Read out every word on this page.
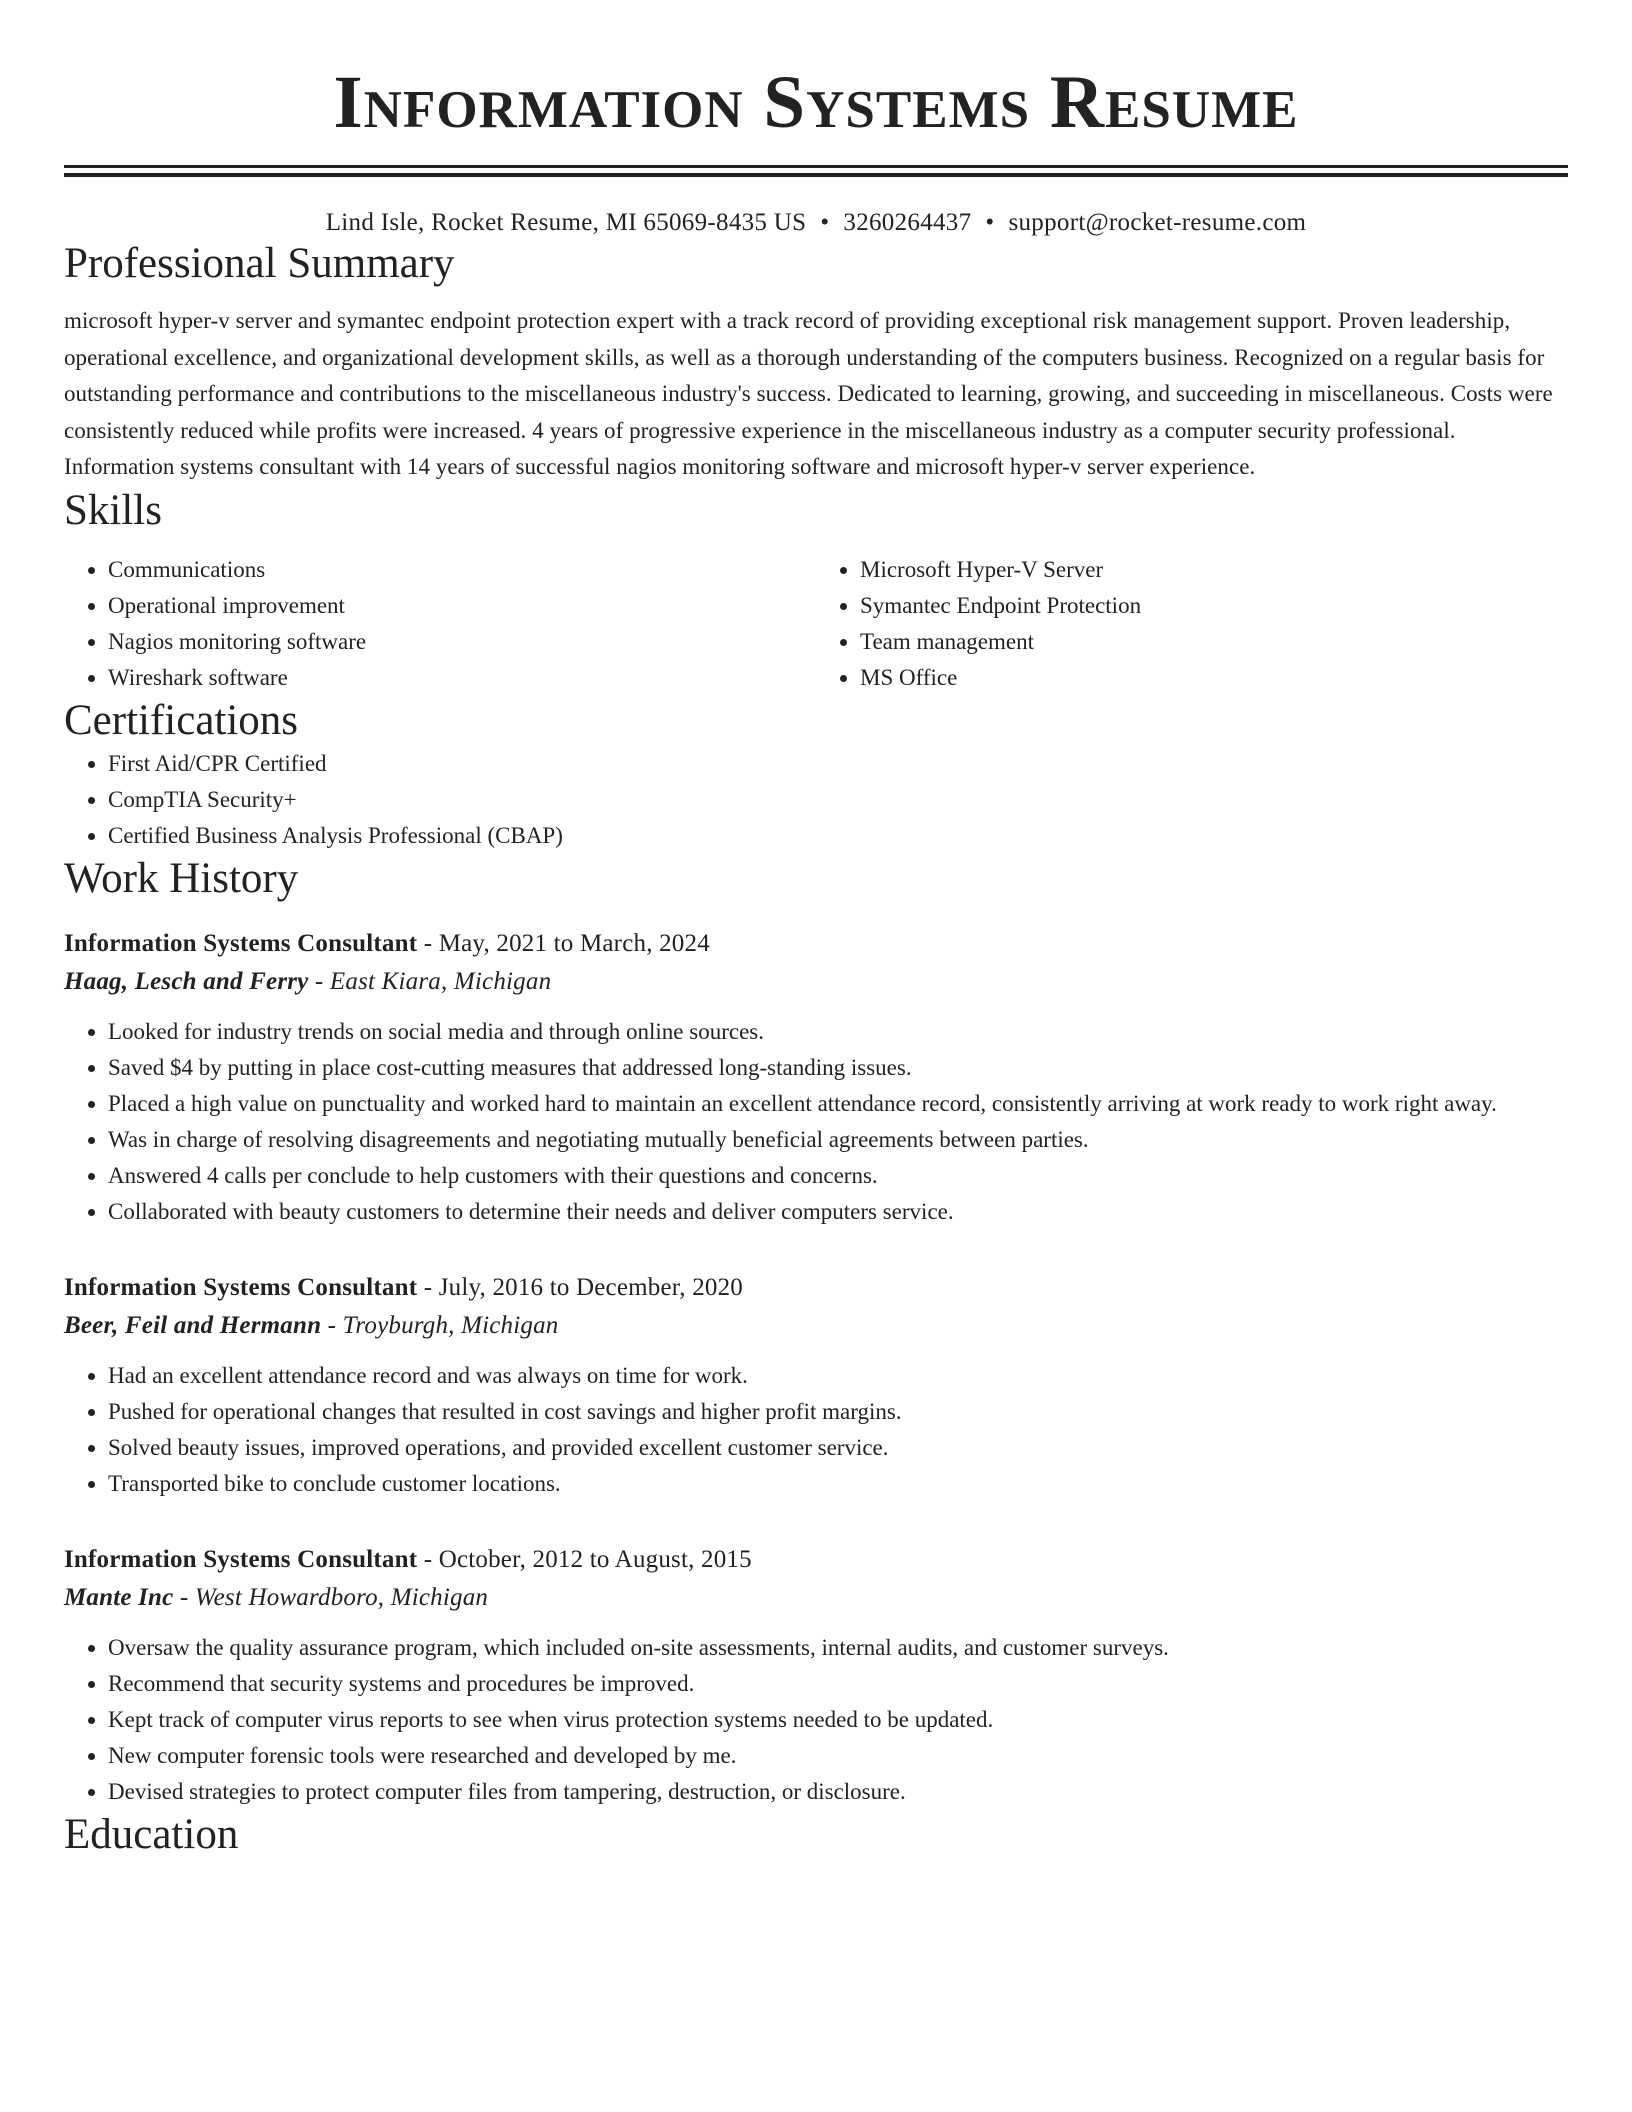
Information Systems Resume
Lind Isle, Rocket Resume, MI 65069-8435 US • 3260264437 • support@rocket-resume.com
Professional Summary

microsoft hyper-v server and symantec endpoint protection expert with a track record of providing exceptional risk management support. Proven leadership, operational excellence, and organizational development skills, as well as a thorough understanding of the computers business. Recognized on a regular basis for outstanding performance and contributions to the miscellaneous industry's success. Dedicated to learning, growing, and succeeding in miscellaneous. Costs were consistently reduced while profits were increased. 4 years of progressive experience in the miscellaneous industry as a computer security professional. Information systems consultant with 14 years of successful nagios monitoring software and microsoft hyper-v server experience.

Skills
• Communications
• Operational improvement
• Nagios monitoring software
• Wireshark software
• Microsoft Hyper-V Server
• Symantec Endpoint Protection
• Team management
• MS Office
Certifications
• First Aid/CPR Certified
• CompTIA Security+
• Certified Business Analysis Professional (CBAP)
Work History
Information Systems Consultant - May, 2021 to March, 2024
Haag, Lesch and Ferry - East Kiara, Michigan
• Looked for industry trends on social media and through online sources.
• Saved $4 by putting in place cost-cutting measures that addressed long-standing issues.
• Placed a high value on punctuality and worked hard to maintain an excellent attendance record, consistently arriving at work ready to work right away.
• Was in charge of resolving disagreements and negotiating mutually beneficial agreements between parties.
• Answered 4 calls per conclude to help customers with their questions and concerns.
• Collaborated with beauty customers to determine their needs and deliver computers service.
Information Systems Consultant - July, 2016 to December, 2020
Beer, Feil and Hermann - Troyburgh, Michigan
• Had an excellent attendance record and was always on time for work.
• Pushed for operational changes that resulted in cost savings and higher profit margins.
• Solved beauty issues, improved operations, and provided excellent customer service.
• Transported bike to conclude customer locations.
Information Systems Consultant - October, 2012 to August, 2015
Mante Inc - West Howardboro, Michigan
• Oversaw the quality assurance program, which included on-site assessments, internal audits, and customer surveys.
• Recommend that security systems and procedures be improved.
• Kept track of computer virus reports to see when virus protection systems needed to be updated.
• New computer forensic tools were researched and developed by me.
• Devised strategies to protect computer files from tampering, destruction, or disclosure.
Education
